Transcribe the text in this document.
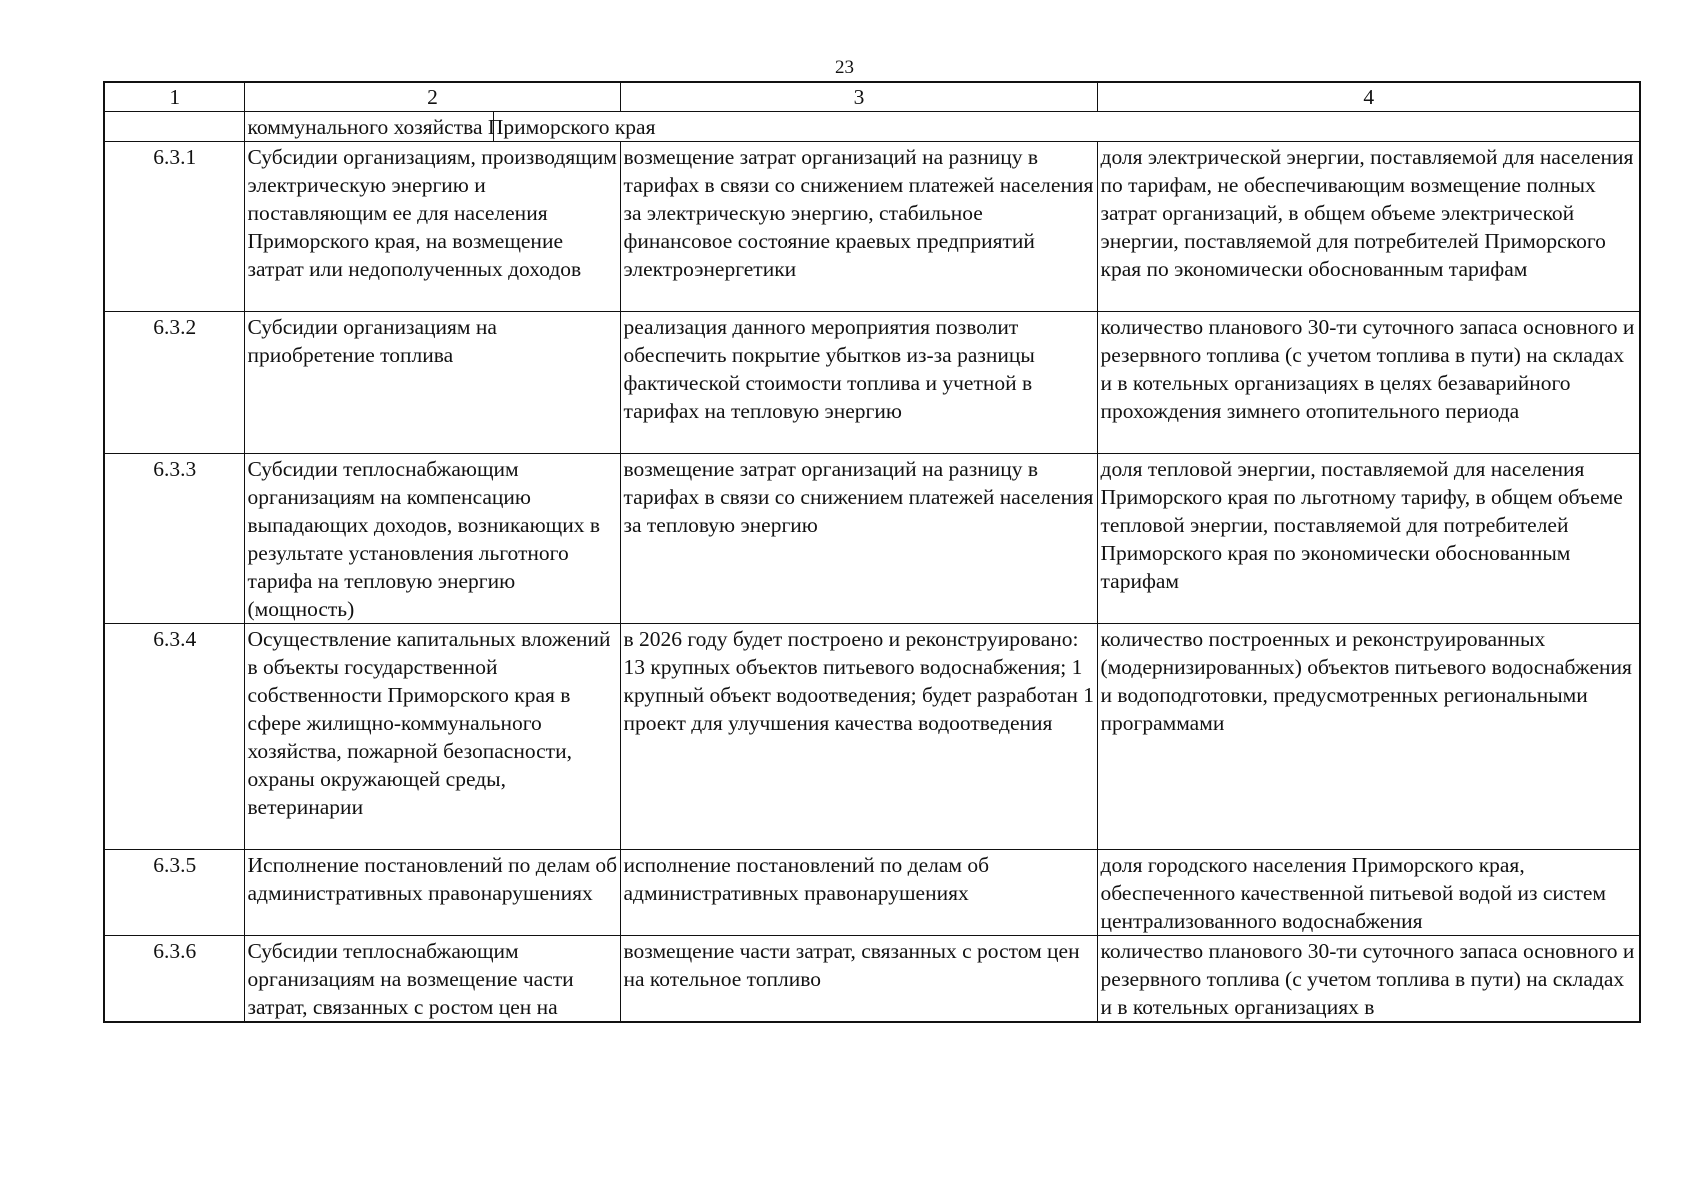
23
1	2	3	4

	коммунального хозяйства Приморского края		

6.3.1	Субсидии организациям, производящим электрическую энергию и поставляющим ее для населения Приморского края, на возмещение затрат или недополученных доходов	возмещение затрат организаций на разницу в тарифах в связи со снижением платежей населения за электрическую энергию, стабильное финансовое состояние краевых предприятий электроэнергетики	доля электрической энергии, поставляемой для населения по тарифам, не обеспечивающим возмещение полных затрат организаций, в общем объеме электрической энергии, поставляемой для потребителей Приморского края по экономически обоснованным тарифам
6.3.2	Субсидии организациям на приобретение топлива	реализация данного мероприятия позволит обеспечить покрытие убытков из-за разницы фактической стоимости топлива и учетной в тарифах на тепловую энергию	количество планового 30-ти суточного запаса основного и резервного топлива (с учетом топлива в пути) на складах и в котельных организациях в целях безаварийного прохождения зимнего отопительного периода
6.3.3	Субсидии теплоснабжающим организациям на компенсацию выпадающих доходов, возникающих в результате установления льготного тарифа на тепловую энергию (мощность)	возмещение затрат организаций на разницу в тарифах в связи со снижением платежей населения за тепловую энергию	доля тепловой энергии, поставляемой для населения Приморского края по льготному тарифу, в общем объеме тепловой энергии, поставляемой для потребителей Приморского края по экономически обоснованным тарифам
6.3.4	Осуществление капитальных вложений в объекты государственной собственности Приморского края в сфере жилищно-коммунального хозяйства, пожарной безопасности, охраны окружающей среды, ветеринарии	в 2026 году будет построено и реконструировано: 13 крупных объектов питьевого водоснабжения; 1 крупный объект водоотведения; будет разработан 1 проект для улучшения качества водоотведения	количество построенных и реконструированных (модернизированных) объектов питьевого водоснабжения и водоподготовки, предусмотренных региональными программами
6.3.5	Исполнение постановлений по делам об административных правонарушениях	исполнение постановлений по делам об административных правонарушениях	доля городского населения Приморского края, обеспеченного качественной питьевой водой из систем централизованного водоснабжения
6.3.6	Субсидии теплоснабжающим организациям на возмещение части затрат, связанных с ростом цен на	возмещение части затрат, связанных с ростом цен на котельное топливо	количество планового 30-ти суточного запаса основного и резервного топлива (с учетом топлива в пути) на складах и в котельных организациях в
